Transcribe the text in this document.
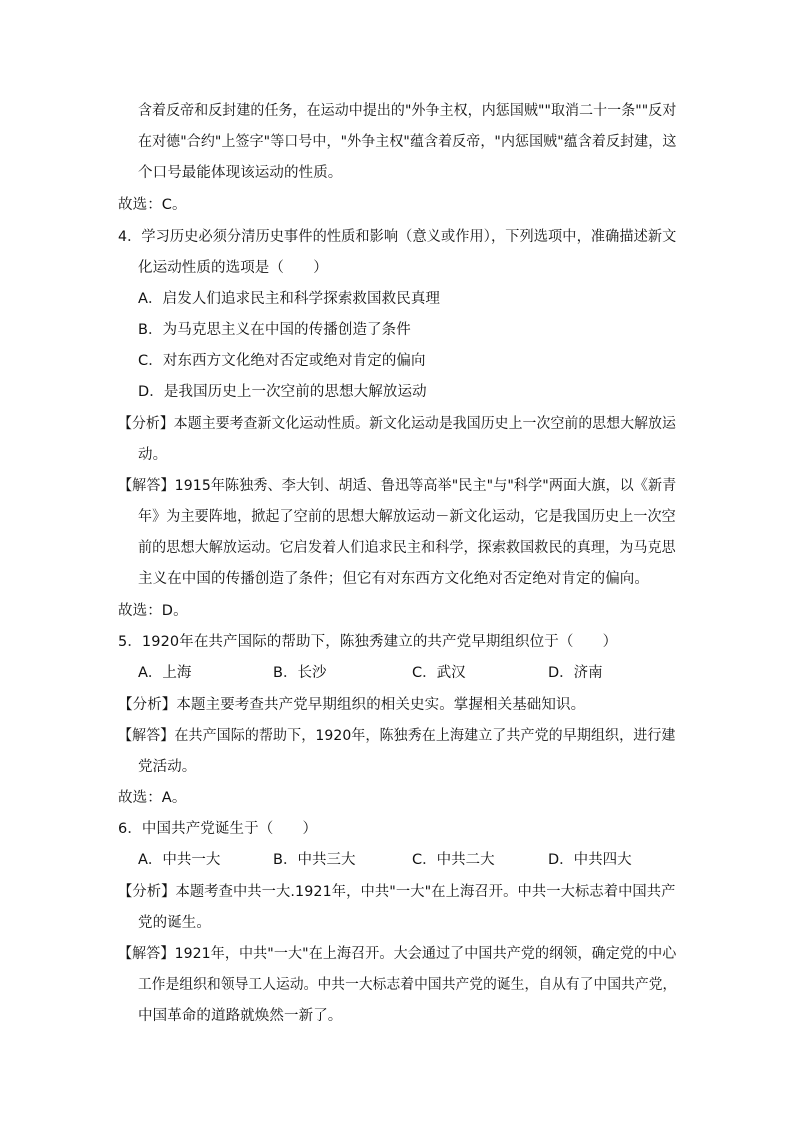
含着反帝和反封建的任务，在运动中提出的"外争主权，内惩国贼""取消二十一条""反对
在对德"合约"上签字"等口号中，"外争主权"蕴含着反帝，"内惩国贼"蕴含着反封建，这
个口号最能体现该运动的性质。
故选：C。
4．学习历史必须分清历史事件的性质和影响（意义或作用），下列选项中，准确描述新文
化运动性质的选项是（　　）
A．启发人们追求民主和科学探索救国救民真理
B．为马克思主义在中国的传播创造了条件
C．对东西方文化绝对否定或绝对肯定的偏向
D．是我国历史上一次空前的思想大解放运动
【分析】本题主要考查新文化运动性质。新文化运动是我国历史上一次空前的思想大解放运
动。
【解答】1915年陈独秀、李大钊、胡适、鲁迅等高举"民主"与"科学"两面大旗，以《新青
年》为主要阵地，掀起了空前的思想大解放运动－新文化运动，它是我国历史上一次空
前的思想大解放运动。它启发着人们追求民主和科学，探索救国救民的真理，为马克思
主义在中国的传播创造了条件；但它有对东西方文化绝对否定绝对肯定的偏向。
故选：D。
5．1920年在共产国际的帮助下，陈独秀建立的共产党早期组织位于（　　）
A．上海	B．长沙	C．武汉	D．济南
【分析】本题主要考查共产党早期组织的相关史实。掌握相关基础知识。
【解答】在共产国际的帮助下，1920年，陈独秀在上海建立了共产党的早期组织，进行建
党活动。
故选：A。
6．中国共产党诞生于（　　）
A．中共一大	B．中共三大	C．中共二大	D．中共四大
【分析】本题考查中共一大.1921年，中共"一大"在上海召开。中共一大标志着中国共产
党的诞生。
【解答】1921年，中共"一大"在上海召开。大会通过了中国共产党的纲领，确定党的中心
工作是组织和领导工人运动。中共一大标志着中国共产党的诞生，自从有了中国共产党，
中国革命的道路就焕然一新了。
